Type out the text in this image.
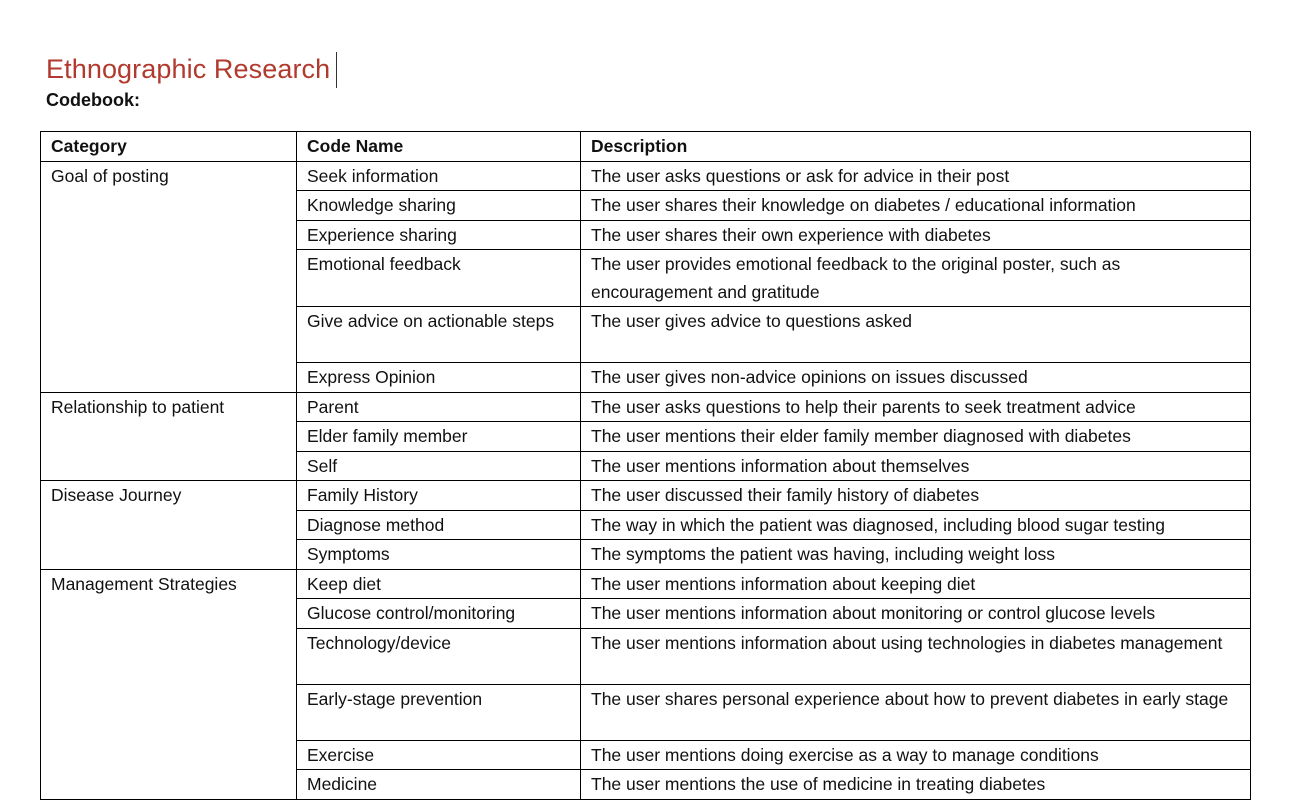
Ethnographic Research
Codebook:
Category	Code Name	Description
Goal of posting	Seek information	The user asks questions or ask for advice in their post
	Knowledge sharing	The user shares their knowledge on diabetes / educational information
	Experience sharing	The user shares their own experience with diabetes
	Emotional feedback	The user provides emotional feedback to the original poster, such as encouragement and gratitude
	Give advice on actionable steps	The user gives advice to questions asked
	Express Opinion	The user gives non-advice opinions on issues discussed
Relationship to patient	Parent	The user asks questions to help their parents to seek treatment advice
	Elder family member	The user mentions their elder family member diagnosed with diabetes
	Self	The user mentions information about themselves
Disease Journey	Family History	The user discussed their family history of diabetes
	Diagnose method	The way in which the patient was diagnosed, including blood sugar testing
	Symptoms	The symptoms the patient was having, including weight loss
Management Strategies	Keep diet	The user mentions information about keeping diet
	Glucose control/monitoring	The user mentions information about monitoring or control glucose levels
	Technology/device	The user mentions information about using technologies in diabetes management
	Early-stage prevention	The user shares personal experience about how to prevent diabetes in early stage
	Exercise	The user mentions doing exercise as a way to manage conditions
	Medicine	The user mentions the use of medicine in treating diabetes
